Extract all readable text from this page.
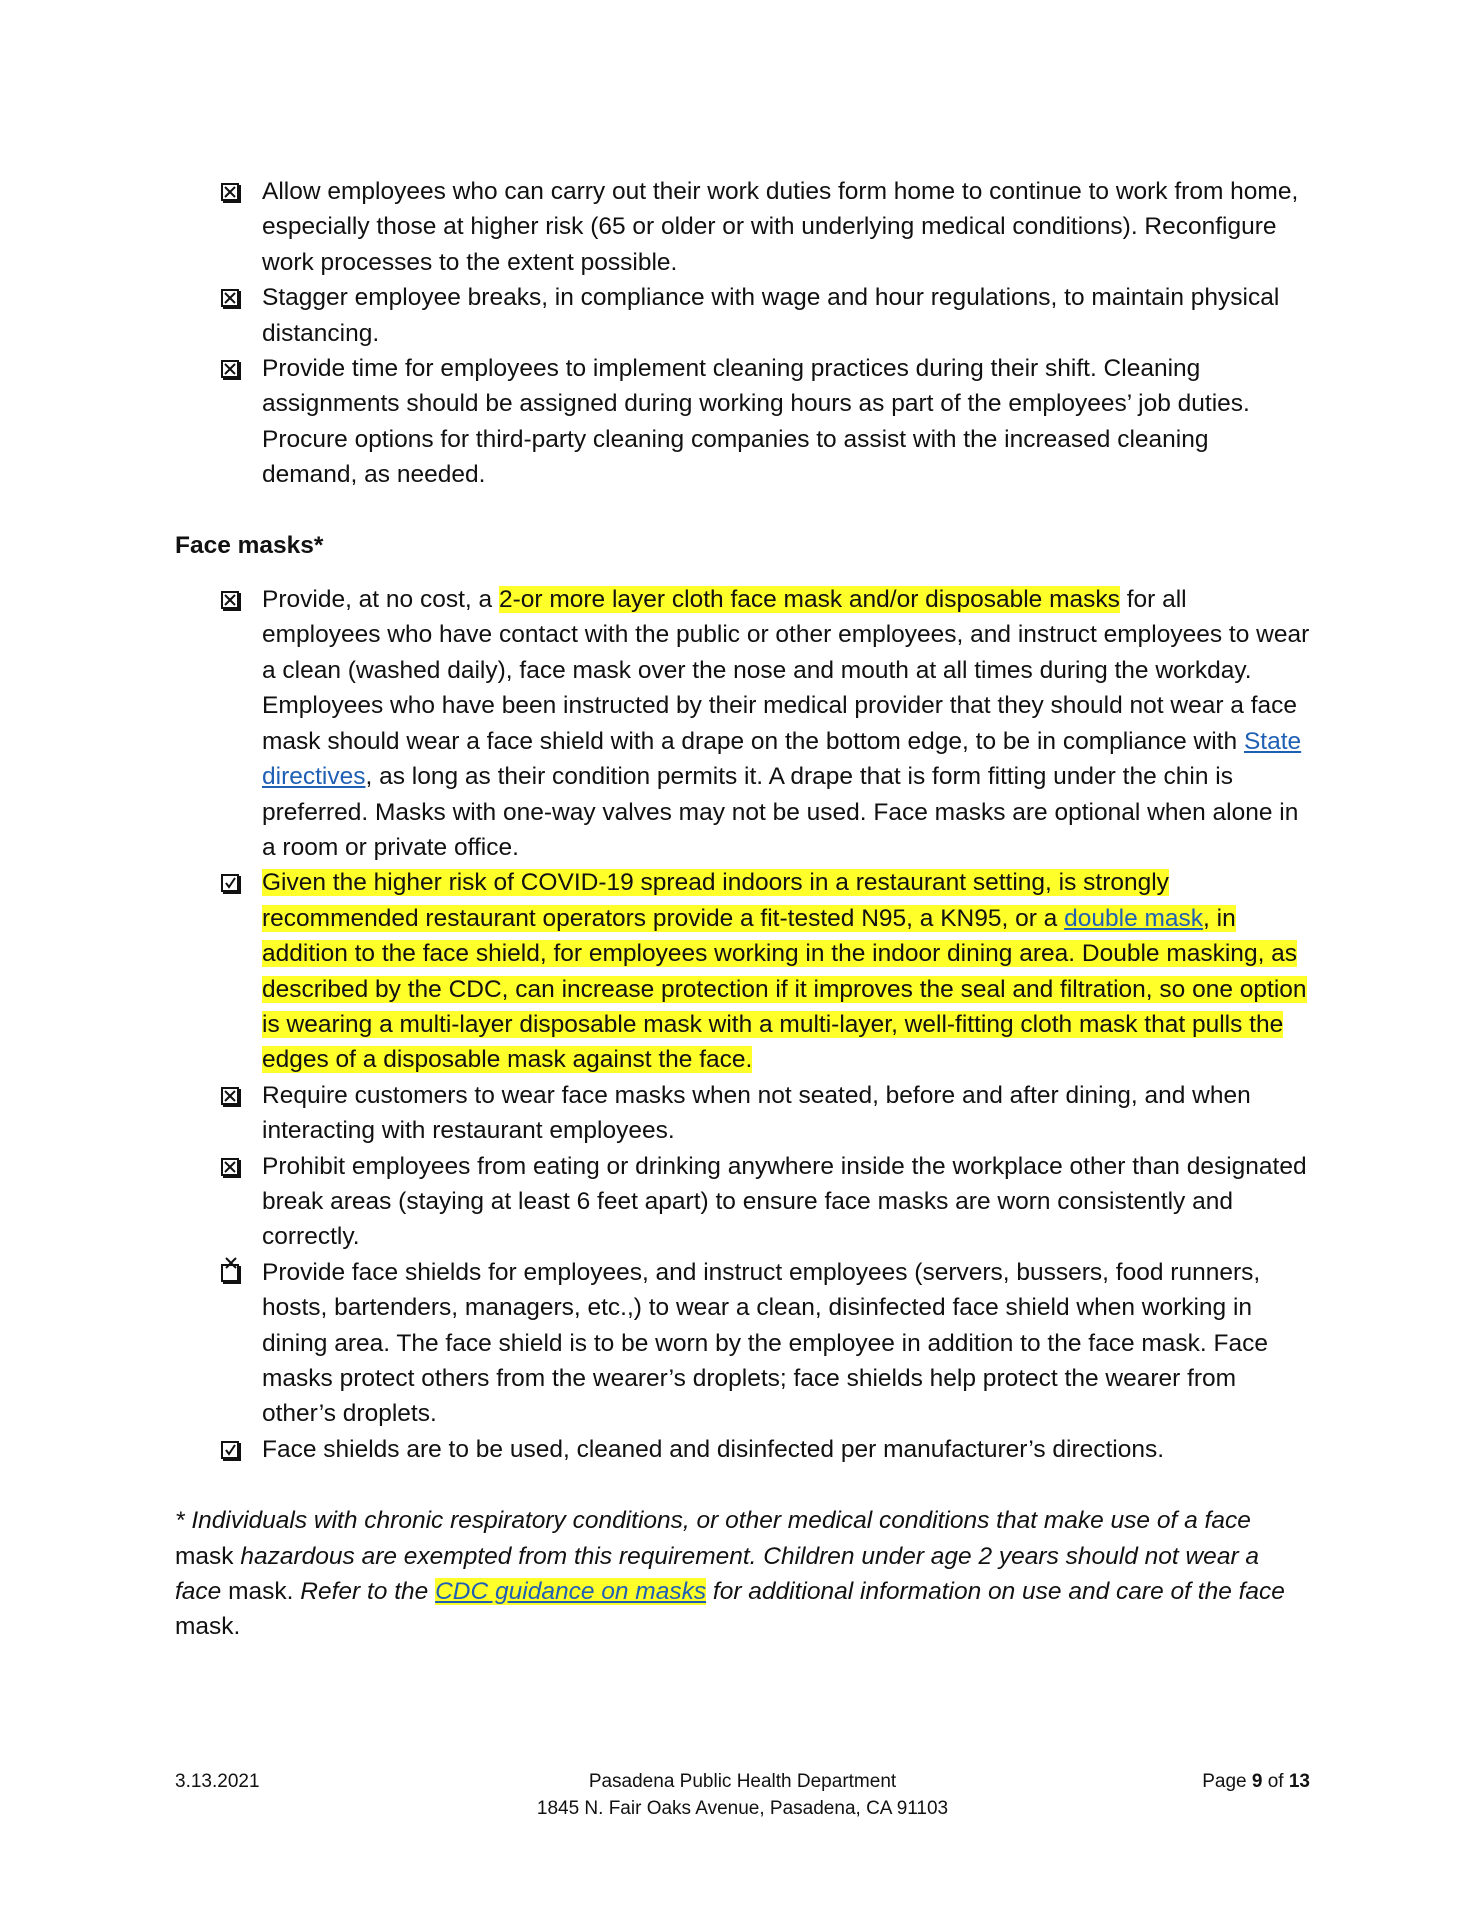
Allow employees who can carry out their work duties form home to continue to work from home, especially those at higher risk (65 or older or with underlying medical conditions). Reconfigure work processes to the extent possible.
Stagger employee breaks, in compliance with wage and hour regulations, to maintain physical distancing.
Provide time for employees to implement cleaning practices during their shift. Cleaning assignments should be assigned during working hours as part of the employees’ job duties. Procure options for third-party cleaning companies to assist with the increased cleaning demand, as needed.
Face masks*
Provide, at no cost, a 2-or more layer cloth face mask and/or disposable masks for all employees who have contact with the public or other employees, and instruct employees to wear a clean (washed daily), face mask over the nose and mouth at all times during the workday. Employees who have been instructed by their medical provider that they should not wear a face mask should wear a face shield with a drape on the bottom edge, to be in compliance with State directives, as long as their condition permits it. A drape that is form fitting under the chin is preferred. Masks with one-way valves may not be used. Face masks are optional when alone in a room or private office.
Given the higher risk of COVID-19 spread indoors in a restaurant setting, is strongly recommended restaurant operators provide a fit-tested N95, a KN95, or a double mask, in addition to the face shield, for employees working in the indoor dining area. Double masking, as described by the CDC, can increase protection if it improves the seal and filtration, so one option is wearing a multi-layer disposable mask with a multi-layer, well-fitting cloth mask that pulls the edges of a disposable mask against the face.
Require customers to wear face masks when not seated, before and after dining, and when interacting with restaurant employees.
Prohibit employees from eating or drinking anywhere inside the workplace other than designated break areas (staying at least 6 feet apart) to ensure face masks are worn consistently and correctly.
Provide face shields for employees, and instruct employees (servers, bussers, food runners, hosts, bartenders, managers, etc.,) to wear a clean, disinfected face shield when working in dining area. The face shield is to be worn by the employee in addition to the face mask. Face masks protect others from the wearer’s droplets; face shields help protect the wearer from other’s droplets.
Face shields are to be used, cleaned and disinfected per manufacturer’s directions.
* Individuals with chronic respiratory conditions, or other medical conditions that make use of a face mask hazardous are exempted from this requirement. Children under age 2 years should not wear a face mask. Refer to the CDC guidance on masks for additional information on use and care of the face mask.
3.13.2021	Pasadena Public Health Department
1845 N. Fair Oaks Avenue, Pasadena, CA 91103
Page 9 of 13
